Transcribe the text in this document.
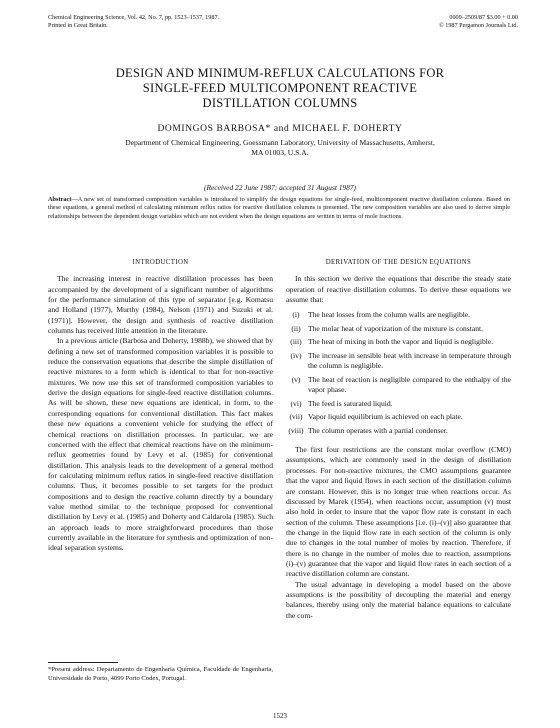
Chemical Engineering Science, Vol. 42, No. 7, pp. 1523–1537, 1987.
Printed in Great Britain.
0009–2509/87 $3.00 + 0.00
© 1987 Pergamon Journals Ltd.
DESIGN AND MINIMUM-REFLUX CALCULATIONS FOR
SINGLE-FEED MULTICOMPONENT REACTIVE
DISTILLATION COLUMNS
DOMINGOS BARBOSA* and MICHAEL F. DOHERTY
Department of Chemical Engineering, Goessmann Laboratory, University of Massachusetts, Amherst,
MA 01003, U.S.A.
(Received 22 June 1987; accepted 31 August 1987)
Abstract—A new set of transformed composition variables is introduced to simplify the design equations for single-feed, multicomponent reactive distillation columns. Based on these equations, a general method of calculating minimum reflux ratios for reactive distillation columns is presented. The new composition variables are also used to derive simple relationships between the dependent design variables which are not evident when the design equations are written in terms of mole fractions.
INTRODUCTION

The increasing interest in reactive distillation processes has been accompanied by the development of a significant number of algorithms for the performance simulation of this type of separator [e.g. Komatsu and Holland (1977), Murthy (1984), Nelson (1971) and Suzuki et al. (1971)]. However, the design and synthesis of reactive distillation columns has received little attention in the literature.

In a previous article (Barbosa and Doherty, 1988b), we showed that by defining a new set of transformed composition variables it is possible to reduce the conservation equations that describe the simple distillation of reactive mixtures to a form which is identical to that for non-reactive mixtures. We now use this set of transformed composition variables to derive the design equations for single-feed reactive distillation columns. As will be shown, these new equations are identical, in form, to the corresponding equations for conventional distillation. This fact makes these new equations a convenient vehicle for studying the effect of chemical reactions on distillation processes. In particular, we are concerned with the effect that chemical reactions have on the minimum-reflux geometries found by Levy et al. (1985) for conventional distillation. This analysis leads to the development of a general method for calculating minimum reflux ratios in single-feed reactive distillation columns. Thus, it becomes possible to set targets for the product compositions and to design the reactive column directly by a boundary value method similar to the technique proposed for conventional distillation by Levy et al. (1985) and Doherty and Caldarola (1985). Such an approach leads to more straightforward procedures than those currently available in the literature for synthesis and optimization of non-ideal separation systems.

*Present address: Departamento de Engenharia Química, Faculdade de Engenharia, Universidade do Porto, 4099 Porto Codex, Portugal.
DERIVATION OF THE DESIGN EQUATIONS

In this section we derive the equations that describe the steady state operation of reactive distillation columns. To derive these equations we assume that:

(i)	The heat losses from the column walls are negligible.
(ii) The molar heat of vaporization of the mixture is constant.
(iii) The heat of mixing in both the vapor and liquid is negligible.
(iv) The increase in sensible heat with increase in temperature through the column is negligible.
(v) The heat of reaction is negligible compared to the enthalpy of the vapor phase.
(vi) The feed is saturated liquid.
(vii) Vapor liquid equilibrium is achieved on each plate.
(viii) The column operates with a partial condenser.

The first four restrictions are the constant molar overflow (CMO) assumptions, which are commonly used in the design of distillation processes. For non-reactive mixtures, the CMO assumptions guarantee that the vapor and liquid flows in each section of the distillation column are constant. However, this is no longer true when reactions occur. As discussed by Marek (1954), when reactions occur, assumption (v) must also hold in order to insure that the vapor flow rate is constant in each section of the column. These assumptions [i.e. (i)–(v)] also guarantee that the change in the liquid flow rate in each section of the column is only due to changes in the total number of moles by reaction. Therefore, if there is no change in the number of moles due to reaction, assumptions (i)–(v) guarantee that the vapor and liquid flow rates in each section of a reactive distillation column are constant.

The usual advantage in developing a model based on the above assumptions is the possibility of decoupling the material and energy balances, thereby using only the material balance equations to calculate the com-

1523
